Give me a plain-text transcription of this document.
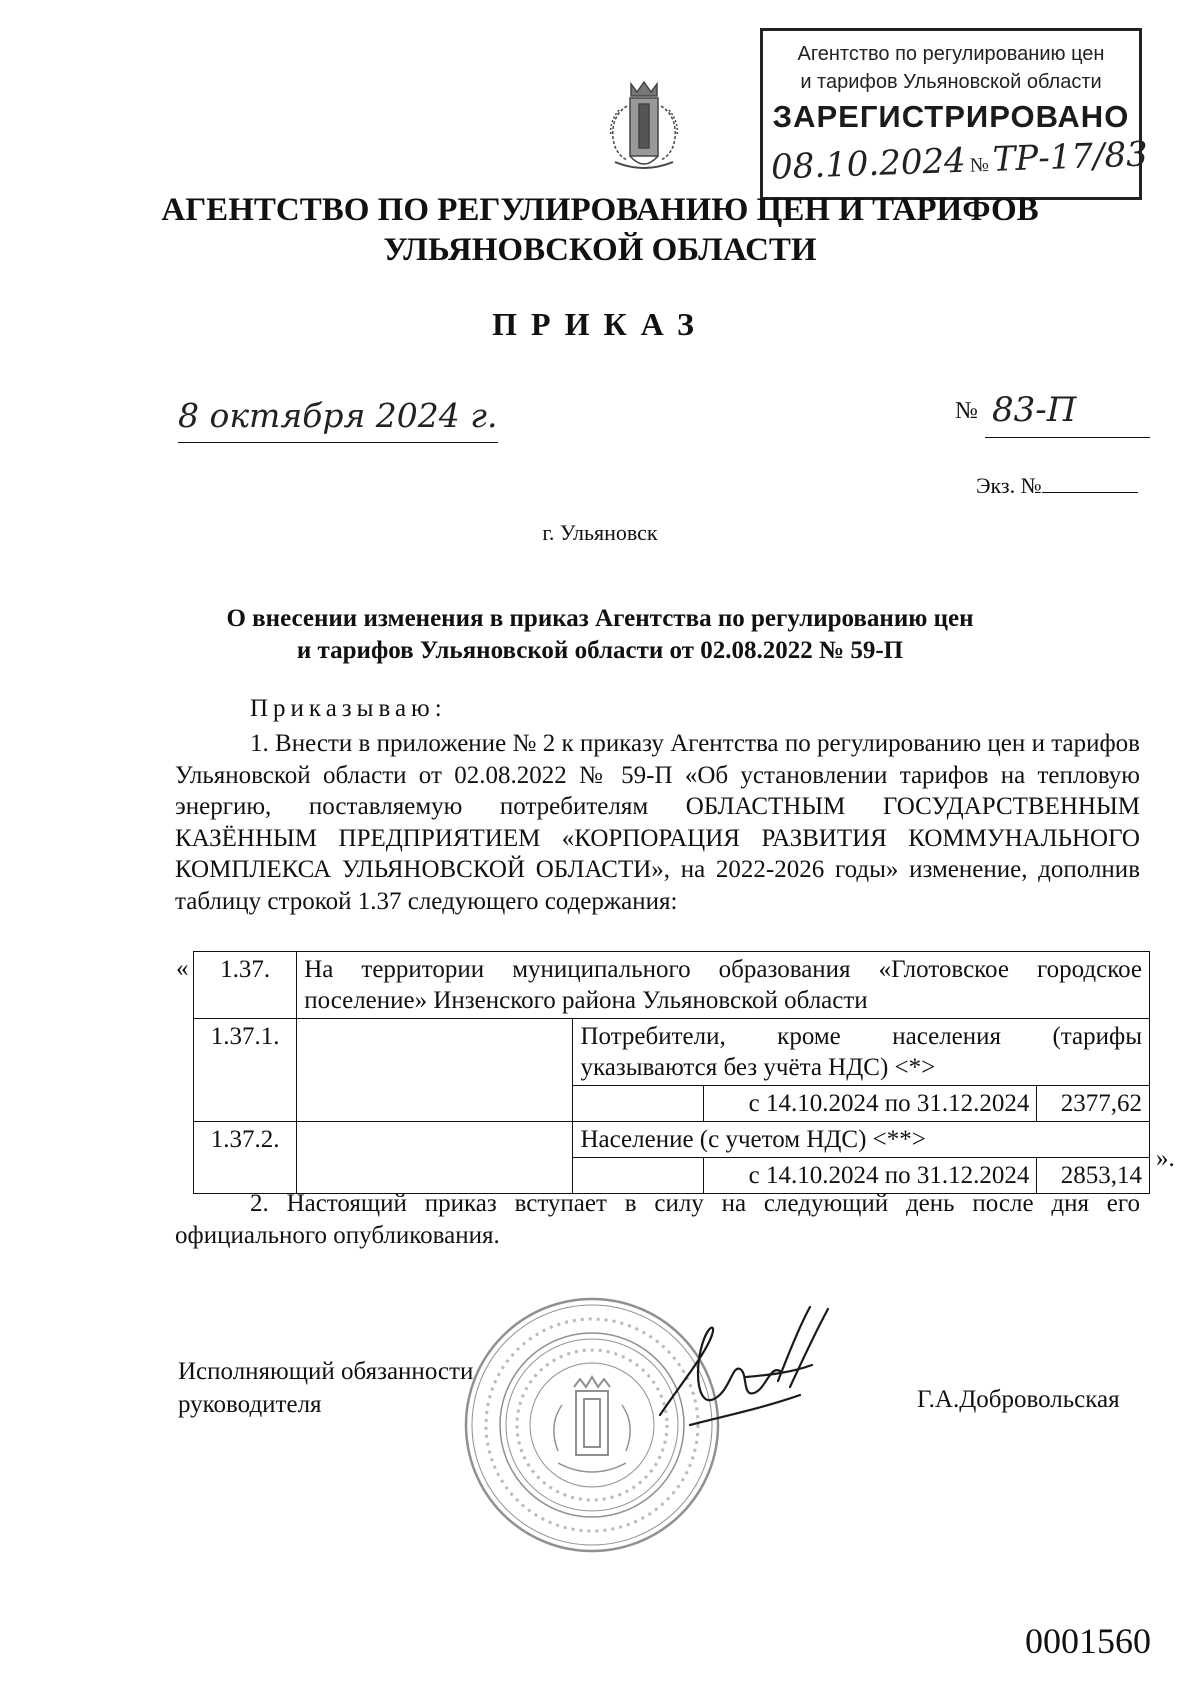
Агентство по регулированию цен
и тарифов Ульяновской области
ЗАРЕГИСТРИРОВАНО
08.10.2024 №ТР-17/83
АГЕНТСТВО ПО РЕГУЛИРОВАНИЮ ЦЕН И ТАРИФОВ
УЛЬЯНОВСКОЙ ОБЛАСТИ
ПРИКАЗ
8 октября 2024 г.	№ 83-П
Экз. №
г. Ульяновск
О внесении изменения в приказ Агентства по регулированию цен
и тарифов Ульяновской области от 02.08.2022 № 59-П
Приказываю:

1. Внести в приложение № 2 к приказу Агентства по регулированию цен и тарифов Ульяновской области от 02.08.2022 № 59-П «Об установлении тарифов на тепловую энергию, поставляемую потребителям ОБЛАСТНЫМ ГОСУДАРСТВЕННЫМ КАЗЁННЫМ ПРЕДПРИЯТИЕМ «КОРПОРАЦИЯ РАЗВИТИЯ КОММУНАЛЬНОГО КОМПЛЕКСА УЛЬЯНОВСКОЙ ОБЛАСТИ», на 2022-2026 годы» изменение, дополнив таблицу строкой 1.37 следующего содержания:

« 1.37.	На территории муниципального образования «Глотовское городское поселение» Инзенского района Ульяновской области			
1.37.1.		Потребители, кроме населения (тарифы указываются без учёта НДС) <*>		
			с 14.10.2024 по 31.12.2024	2377,62
1.37.2.		Население (с учетом НДС) <**>		
			с 14.10.2024 по 31.12.2024	2853,14
».

2. Настоящий приказ вступает в силу на следующий день после дня его официального опубликования.

Исполняющий обязанности
руководителя	Г.А.Добровольская
0001560
